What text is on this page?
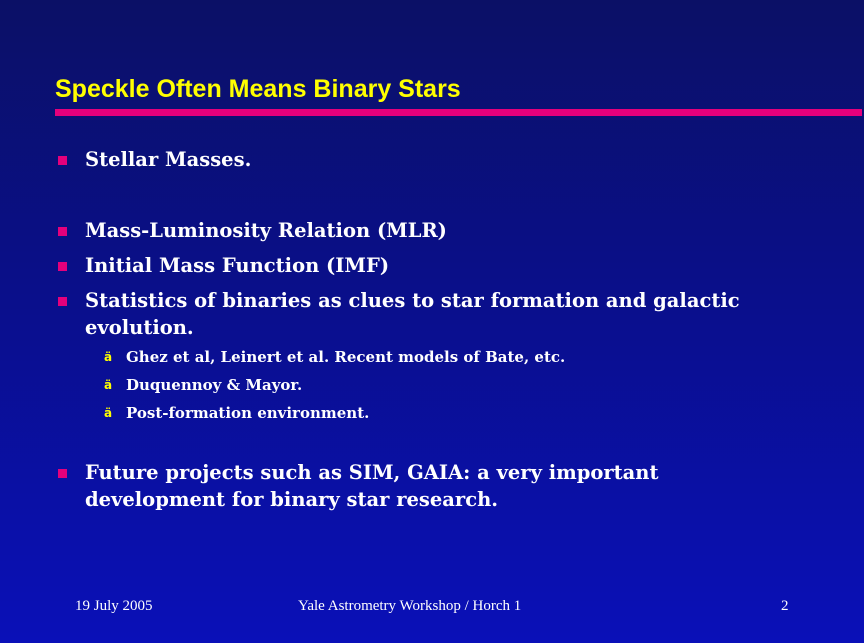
Speckle Often Means Binary Stars
Stellar Masses.
Mass-Luminosity Relation (MLR)
Initial Mass Function (IMF)
Statistics of binaries as clues to star formation and galactic evolution.
ä Ghez et al, Leinert et al. Recent models of Bate, etc.
ä Duquennoy & Mayor.
ä Post-formation environment.
Future projects such as SIM, GAIA: a very important development for binary star research.
19 July 2005	Yale Astrometry Workshop / Horch 1	2
